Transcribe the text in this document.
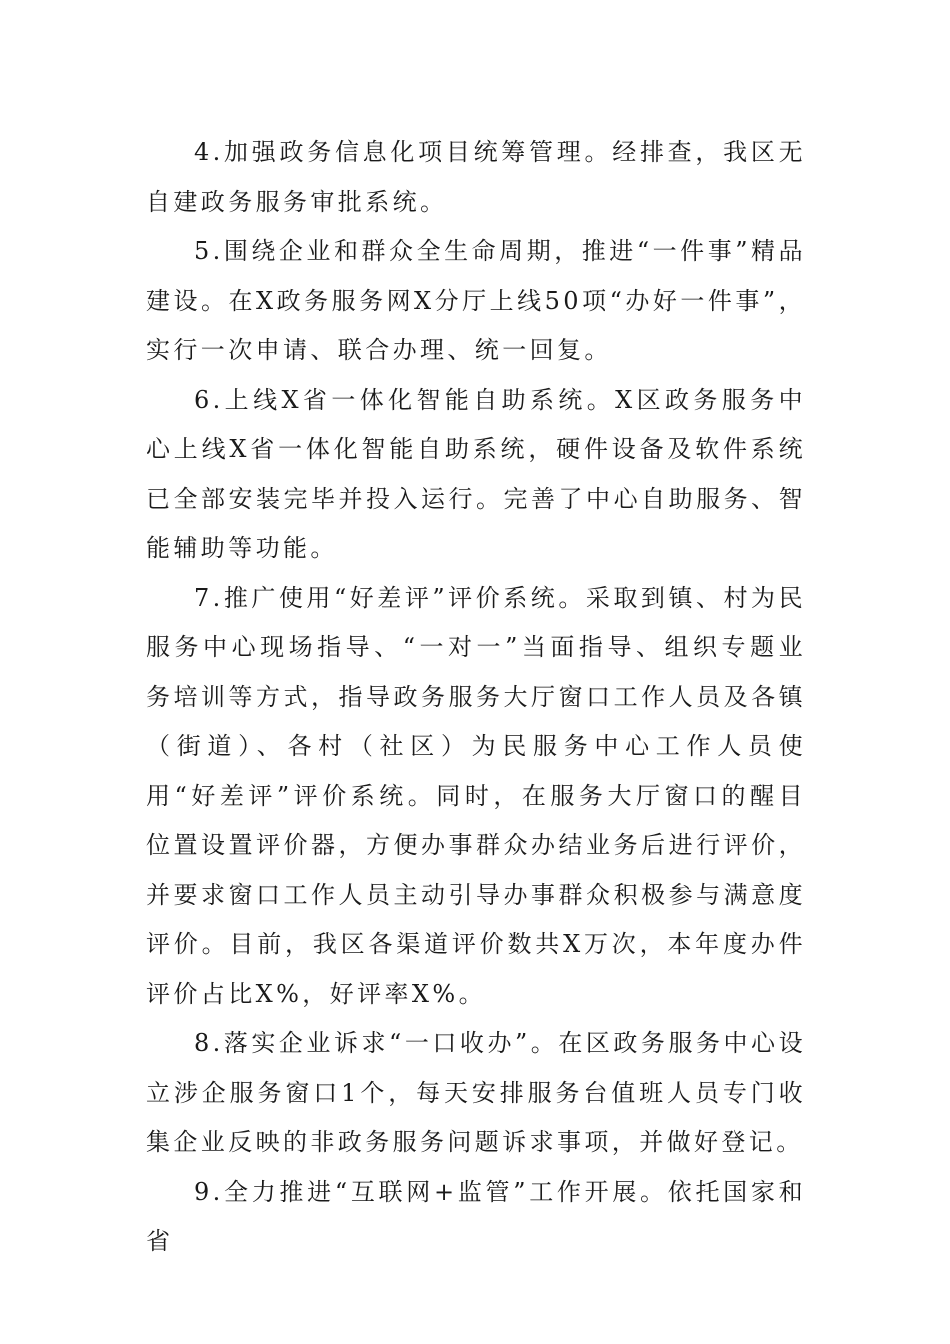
4.加强政务信息化项目统筹管理。经排查，我区无自建政务服务审批系统。

5.围绕企业和群众全生命周期，推进“一件事”精品建设。在X政务服务网X分厅上线50项“办好一件事”，实行一次申请、联合办理、统一回复。

6.上线X省一体化智能自助系统。X区政务服务中心上线X省一体化智能自助系统，硬件设备及软件系统已全部安装完毕并投入运行。完善了中心自助服务、智能辅助等功能。

7.推广使用“好差评”评价系统。采取到镇、村为民服务中心现场指导、“一对一”当面指导、组织专题业务培训等方式，指导政务服务大厅窗口工作人员及各镇（街道）、各村（社区）为民服务中心工作人员使用“好差评”评价系统。同时，在服务大厅窗口的醒目位置设置评价器，方便办事群众办结业务后进行评价，并要求窗口工作人员主动引导办事群众积极参与满意度评价。目前，我区各渠道评价数共X万次，本年度办件评价占比X%，好评率X%。

8.落实企业诉求“一口收办”。在区政务服务中心设立涉企服务窗口1个，每天安排服务台值班人员专门收集企业反映的非政务服务问题诉求事项，并做好登记。

9.全力推进“互联网+监管”工作开展。依托国家和省
